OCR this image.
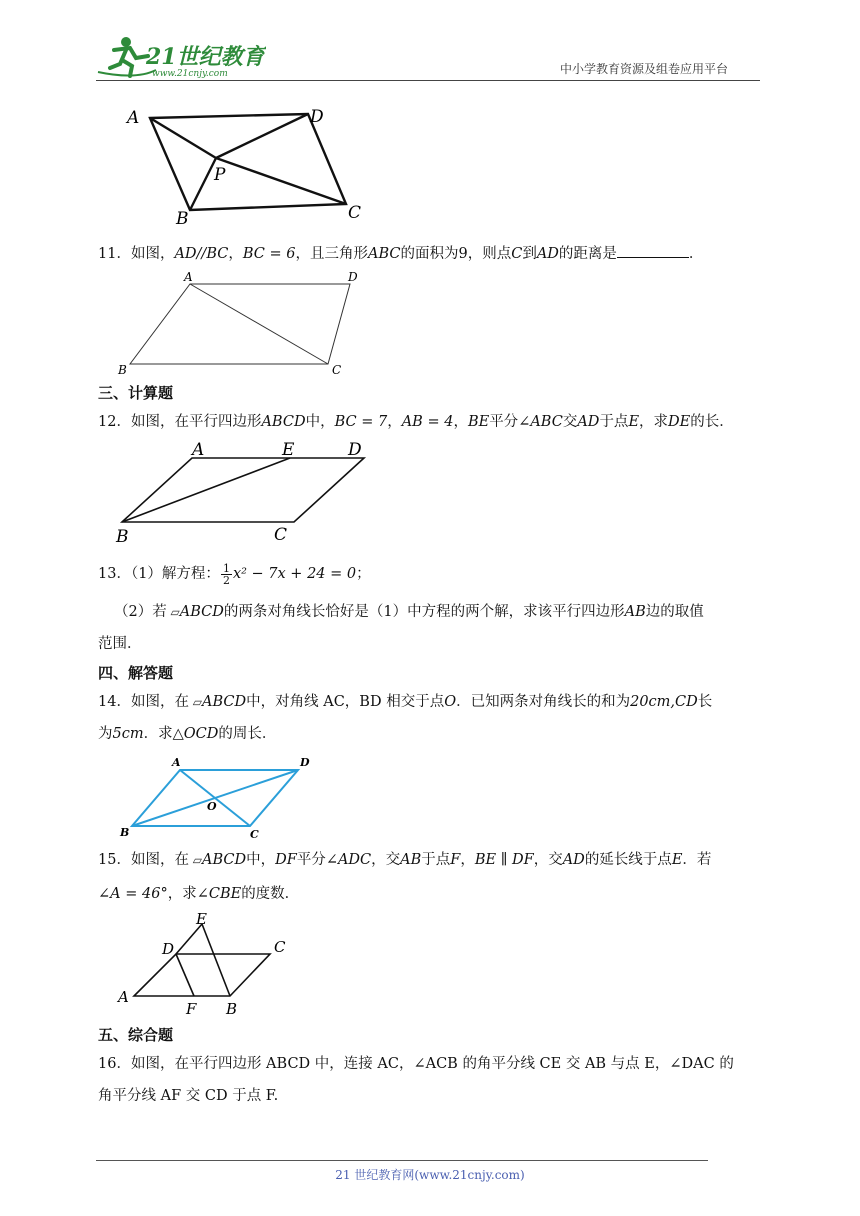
21世纪教育
www.21cnjy.com	中小学教育资源及组卷应用平台
A	D
P
B	C
11．如图，AD//BC，BC = 6，且三角形ABC的面积为9，则点C到AD的距离是	．
A	D
B	C
三、计算题
12．如图，在平行四边形ABCD中，BC = 7，AB = 4，BE平分∠ABC交AD于点E，求DE的长．
A	E	D
B	C
13．（1）解方程： $\frac{1}{2} x^2 - 7x + 24 = 0$；
（2）若 ▱ABCD的两条对角线长恰好是（1）中方程的两个解，求该平行四边形AB边的取值
范围．
四、解答题
14．如图，在 ▱ABCD中，对角线 AC，BD 相交于点O．已知两条对角线长的和为20cm,CD长
为5cm．求△OCD的周长．
A	D
O
B	C
15．如图，在 ▱ABCD中，DF平分∠ADC，交AB于点F，BE ∥ DF，交AD的延长线于点E．若
∠A = 46°，求∠CBE的度数．
E
D	C
A
F B
五、综合题
16．如图，在平行四边形 ABCD 中，连接 AC，∠ACB 的角平分线 CE 交 AB 与点 E，∠DAC 的
角平分线 AF 交 CD 于点 F.
21 世纪教育网(www.21cnjy.com)
